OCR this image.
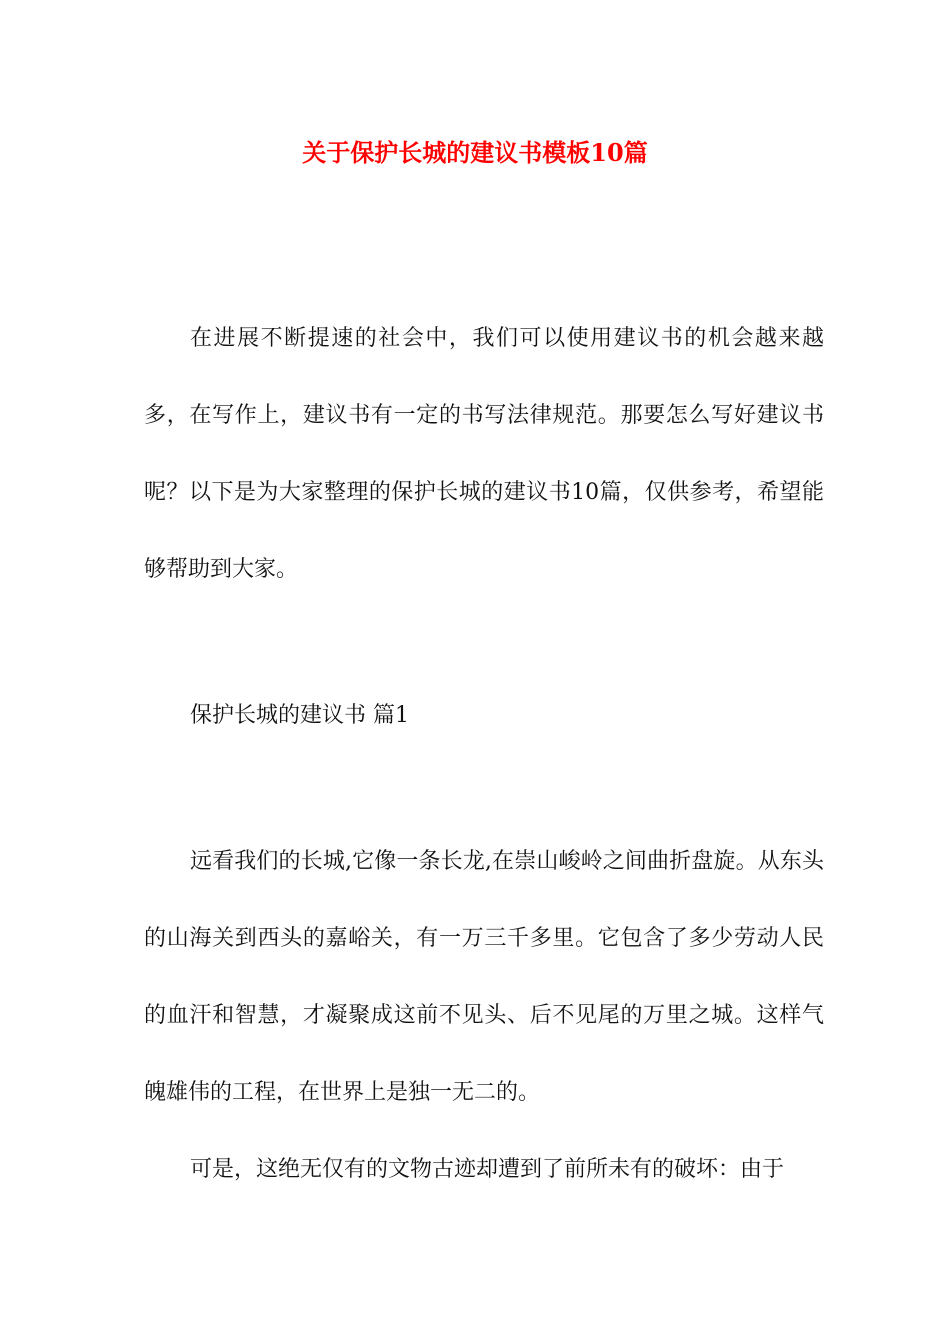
关于保护长城的建议书模板10篇

在进展不断提速的社会中，我们可以使用建议书的机会越来越多，在写作上，建议书有一定的书写法律规范。那要怎么写好建议书呢？以下是为大家整理的保护长城的建议书10篇，仅供参考，希望能够帮助到大家。

保护长城的建议书 篇1

远看我们的长城,它像一条长龙,在崇山峻岭之间曲折盘旋。从东头的山海关到西头的嘉峪关，有一万三千多里。它包含了多少劳动人民的血汗和智慧，才凝聚成这前不见头、后不见尾的万里之城。这样气魄雄伟的工程，在世界上是独一无二的。

可是，这绝无仅有的文物古迹却遭到了前所未有的破坏：由于
